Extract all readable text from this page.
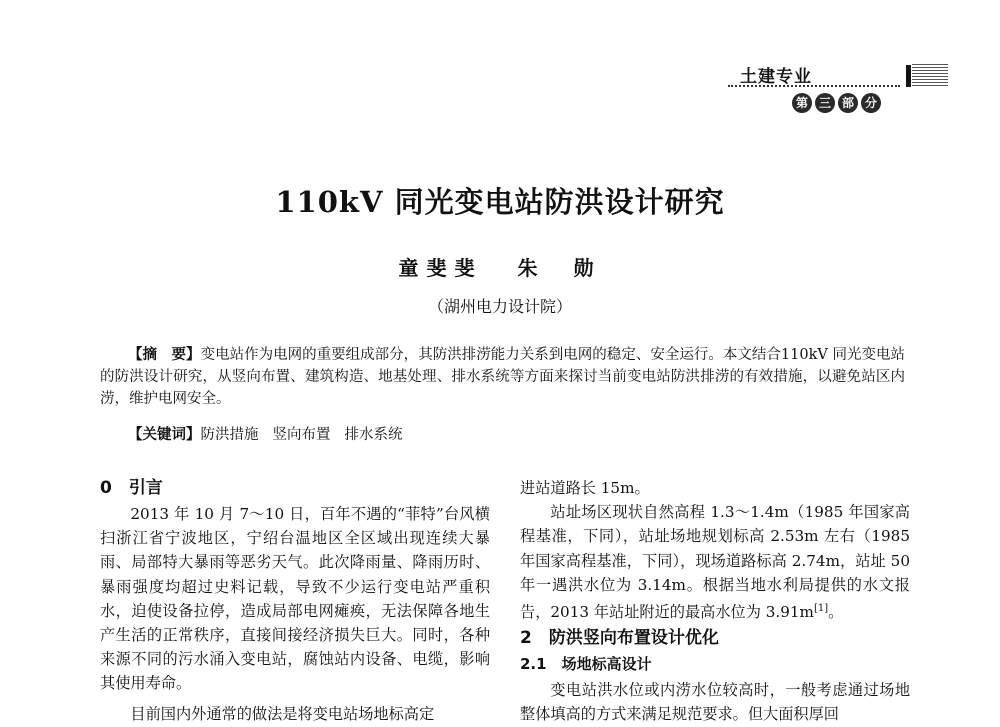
土建专业
第 三 部 分
110kV 同光变电站防洪设计研究
童斐斐 朱　勋
（湖州电力设计院）
【摘　要】变电站作为电网的重要组成部分，其防洪排涝能力关系到电网的稳定、安全运行。本文结合110kV 同光变电站的防洪设计研究，从竖向布置、建筑构造、地基处理、排水系统等方面来探讨当前变电站防洪排涝的有效措施，以避免站区内涝，维护电网安全。
【关键词】防洪措施 竖向布置 排水系统
0　引言

2013 年 10 月 7～10 日，百年不遇的“菲特”台风横扫浙江省宁波地区，宁绍台温地区全区域出现连续大暴雨、局部特大暴雨等恶劣天气。此次降雨量、降雨历时、暴雨强度均超过史料记载，导致不少运行变电站严重积水，迫使设备拉停，造成局部电网瘫痪，无法保障各地生产生活的正常秩序，直接间接经济损失巨大。同时，各种来源不同的污水涌入变电站，腐蚀站内设备、电缆，影响其使用寿命。

目前国内外通常的做法是将变电站场地标高定

进站道路长 15m。

站址场区现状自然高程 1.3～1.4m（1985 年国家高程基准，下同），站址场地规划标高 2.53m 左右（1985 年国家高程基准，下同），现场道路标高 2.74m，站址 50 年一遇洪水位为 3.14m。根据当地水利局提供的水文报告，2013 年站址附近的最高水位为 3.91m[1]。

2　防洪竖向布置设计优化
2.1　场地标高设计

变电站洪水位或内涝水位较高时，一般考虑通过场地整体填高的方式来满足规范要求。但大面积厚回
